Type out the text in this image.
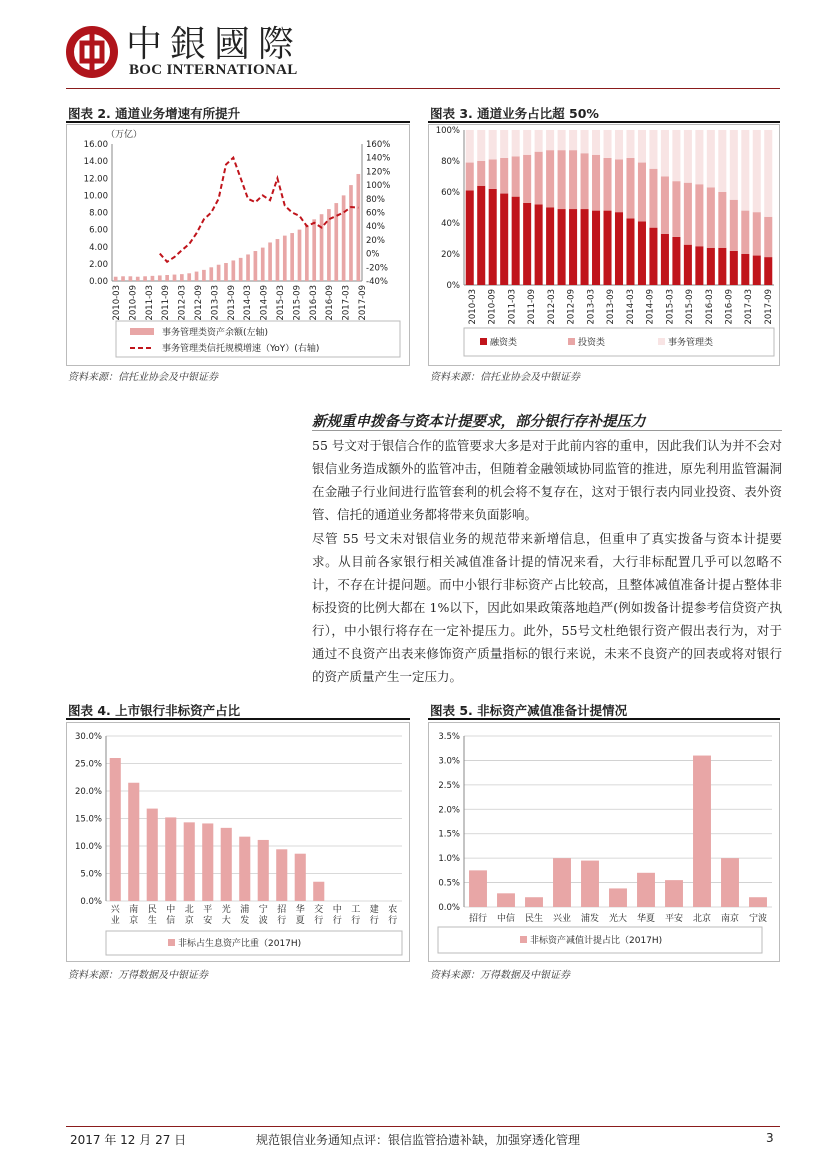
中銀國際
BOC INTERNATIONAL
图表 2. 通道业务增速有所提升
（万亿）
0.00
2.00
4.00
6.00
8.00
10.00
12.00
14.00
16.00
-40%
-20%
0%
20%
40%
60%
80%
100%
120%
140%
160%
2010-03 2010-09 2011-03 2011-09 2012-03 2012-09 2013-03 2013-09 2014-03 2014-09 2015-03 2015-09 2016-03 2016-09 2017-03 2017-09
事务管理类资产余额(左轴)
事务管理类信托规模增速（YoY）(右轴)
资料来源：信托业协会及中银证券
图表 3. 通道业务占比超 50%
0%
20%
40%
60%
80%
100%
2010-03 2010-09 2011-03 2011-09 2012-03 2012-09 2013-03 2013-09 2014-03 2014-09 2015-03 2015-09 2016-03 2016-09 2017-03 2017-09
融资类	投资类	事务管理类
资料来源：信托业协会及中银证券
新规重申拨备与资本计提要求，部分银行存补提压力
55 号文对于银信合作的监管要求大多是对于此前内容的重申，因此我们认为并不会对银信业务造成额外的监管冲击，但随着金融领域协同监管的推进，原先利用监管漏洞在金融子行业间进行监管套利的机会将不复存在，这对于银行表内同业投资、表外资管、信托的通道业务都将带来负面影响。
尽管 55 号文未对银信业务的规范带来新增信息，但重申了真实拨备与资本计提要求。从目前各家银行相关减值准备计提的情况来看，大行非标配置几乎可以忽略不计，不存在计提问题。而中小银行非标资产占比较高，且整体减值准备计提占整体非标投资的比例大都在 1%以下，因此如果政策落地趋严(例如拨备计提参考信贷资产执行），中小银行将存在一定补提压力。此外，55号文杜绝银行资产假出表行为，对于通过不良资产出表来修饰资产质量指标的银行来说，未来不良资产的回表或将对银行的资产质量产生一定压力。
图表 4. 上市银行非标资产占比
0.0%
5.0%
10.0%
15.0%
20.0%
25.0%
30.0%
兴
业
南
京
民
生
中
信
北
京
平
安
光
大
浦
发
宁
波
招
行
华
夏
交
行
中
行
工
行
建
行
农
行
非标占生息资产比重（2017H)
资料来源：万得数据及中银证券
图表 5. 非标资产减值准备计提情况
0.0%
0.5%
1.0%
1.5%
2.0%
2.5%
3.0%
3.5%
招行 中信 民生 兴业 浦发 光大 华夏 平安 北京 南京 宁波
非标资产减值计提占比（2017H)
资料来源：万得数据及中银证券
2017 年 12 月 27 日	规范银信业务通知点评：银信监管拾遗补缺，加强穿透化管理	3
